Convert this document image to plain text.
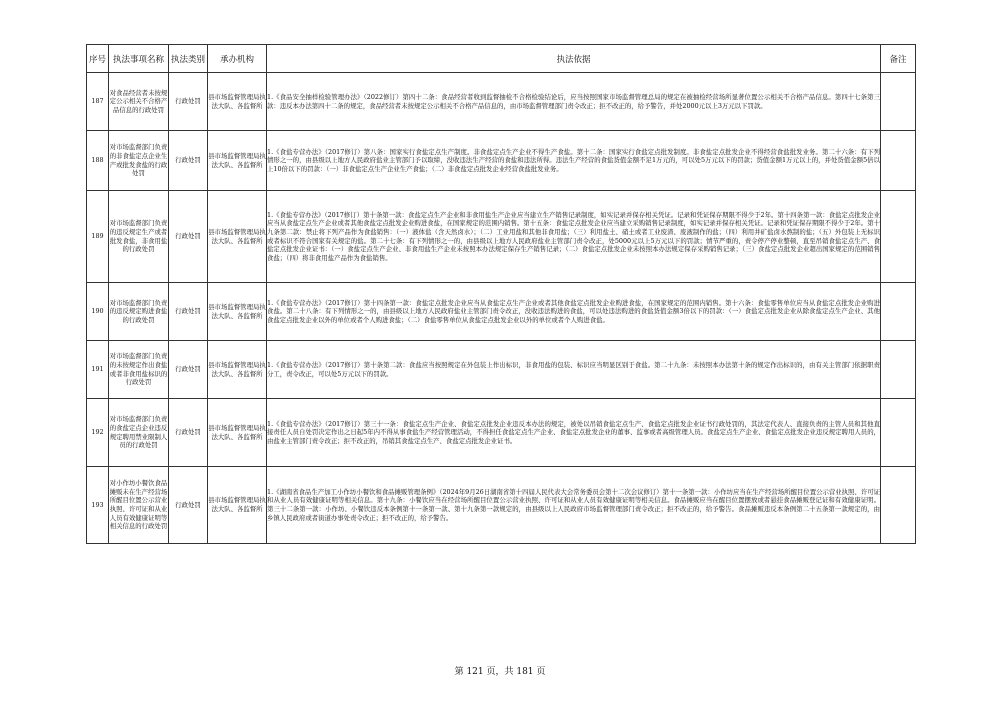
序号	执法事项名称	执法类别	承办机构	执法依据	备注
187	对食品经营者未按规定公示相关不合格产品信息的行政处罚	行政处罚	县市场监督管理局执法大队、各监督所	1.《食品安全抽样检验管理办法》（2022修订）第四十二条：食品经营者收到监督抽检不合格检验结论后，应当按照国家市场监督管理总局的规定在被抽检经营场所显著位置公示相关不合格产品信息。第四十七条第三款：违反本办法第四十二条的规定，食品经营者未按规定公示相关不合格产品信息的，由市场监督管理部门责令改正；拒不改正的，给予警告，并处2000元以上3万元以下罚款。	
188	对市场监督部门负责的非食盐定点企业生产或批发食盐的行政处罚	行政处罚	县市场监督管理局执法大队、各监督所	1.《食盐专营办法》（2017修订）第八条：国家实行食盐定点生产制度。非食盐定点生产企业不得生产食盐。第十二条：国家实行食盐定点批发制度。非食盐定点批发企业不得经营食盐批发业务。第二十六条：有下列情形之一的，由县级以上地方人民政府盐业主管部门予以取缔，没收违法生产经营的食盐和违法所得。违法生产经营的食盐货值金额不足1万元的，可以处5万元以下的罚款；货值金额1万元以上的，并处货值金额5倍以上10倍以下的罚款：（一）非食盐定点生产企业生产食盐；（二）非食盐定点批发企业经营食盐批发业务。	
189	对市场监督部门负责的违反规定生产或者批发食盐，非食用盐的行政处罚	行政处罚	县市场监督管理局执法大队、各监督所	1.《食盐专营办法》（2017修订）第十条第一款：食盐定点生产企业和非食用盐生产企业应当建立生产销售记录制度，如实记录并保存相关凭证。记录和凭证保存期限不得少于2年。第十四条第一款：食盐定点批发企业应当从食盐定点生产企业或者其他食盐定点批发企业购进食盐，在国家规定的范围内销售。第十五条：食盐定点批发企业应当建立采购销售记录制度，如实记录并保存相关凭证。记录和凭证保存期限不得少于2年。第十九条第二款：禁止将下列产品作为食盐销售：（一）液体盐（含天然卤水）；（二）工业用盐和其他非食用盐；（三）利用盐土、硝土或者工业废渣、废液制作的盐；（四）利用井矿盐卤水熬制的盐；（五）外包装上无标识或者标识不符合国家有关规定的盐。第二十七条：有下列情形之一的，由县级以上地方人民政府盐业主管部门责令改正，处5000元以上5万元以下的罚款；情节严重的，责令停产停业整顿，直至吊销食盐定点生产、食盐定点批发企业证书：（一）食盐定点生产企业、非食用盐生产企业未按照本办法规定保存生产销售记录；（二）食盐定点批发企业未按照本办法规定保存采购销售记录；（三）食盐定点批发企业超出国家规定的范围销售食盐；（四）将非食用盐产品作为食盐销售。	
190	对市场监督部门负责的违反规定购进食盐的行政处罚	行政处罚	县市场监督管理局执法大队、各监督所	1.《食盐专营办法》（2017修订）第十四条第一款：食盐定点批发企业应当从食盐定点生产企业或者其他食盐定点批发企业购进食盐，在国家规定的范围内销售。第十六条：食盐零售单位应当从食盐定点批发企业购进食盐。第二十八条：有下列情形之一的，由县级以上地方人民政府盐业主管部门责令改正，没收违法购进的食盐，可以处违法购进的食盐货值金额3倍以下的罚款：（一）食盐定点批发企业从除食盐定点生产企业、其他食盐定点批发企业以外的单位或者个人购进食盐；（二）食盐零售单位从食盐定点批发企业以外的单位或者个人购进食盐。	
191	对市场监督部门负责的未按规定作出食盐或者非食用盐标识的行政处罚	行政处罚	县市场监督管理局执法大队、各监督所	1.《食盐专营办法》（2017修订）第十条第二款：食盐应当按照规定在外包装上作出标识，非食用盐的包装、标识应当明显区别于食盐。第二十九条：未按照本办法第十条的规定作出标识的，由有关主管部门依据职责分工，责令改正，可以处5万元以下的罚款。	
192	对市场监督部门负责的食盐定点企业违反规定聘用禁业限制人员的行政处罚	行政处罚	县市场监督管理局执法大队、各监督所	1.《食盐专营办法》（2017修订）第三十一条：食盐定点生产企业、食盐定点批发企业违反本办法的规定，被处以吊销食盐定点生产、食盐定点批发企业证书行政处罚的，其法定代表人、直接负责的主管人员和其他直接责任人员自处罚决定作出之日起5年内不得从事食盐生产经营管理活动，不得担任食盐定点生产企业、食盐定点批发企业的董事、监事或者高级管理人员。食盐定点生产企业、食盐定点批发企业违反规定聘用人员的，由盐业主管部门责令改正；拒不改正的，吊销其食盐定点生产、食盐定点批发企业证书。	
193	对小作坊小餐饮食品摊贩未在生产经营场所醒目位置公示营业执照、许可证和从业人员有效健康证明等相关信息的行政处罚	行政处罚	县市场监督管理局执法大队、各监督所	1.《湖南省食品生产加工小作坊小餐饮和食品摊贩管理条例》（2024年9月26日湖南省第十四届人民代表大会常务委员会第十二次会议修订）第十一条第一款：小作坊应当在生产经营场所醒目位置公示营业执照、许可证和从业人员有效健康证明等相关信息。第十九条：小餐饮应当在经营场所醒目位置公示营业执照、许可证和从业人员有效健康证明等相关信息。食品摊贩应当在醒目位置摆放或者悬挂食品摊贩登记证和有效健康证明。第三十二条第一款：小作坊、小餐饮违反本条例第十一条第一款、第十九条第一款规定的，由县级以上人民政府市场监督管理部门责令改正；拒不改正的，给予警告。食品摊贩违反本条例第二十五条第一款规定的，由乡镇人民政府或者街道办事处责令改正；拒不改正的，给予警告。	
第 121 页，共 181 页
